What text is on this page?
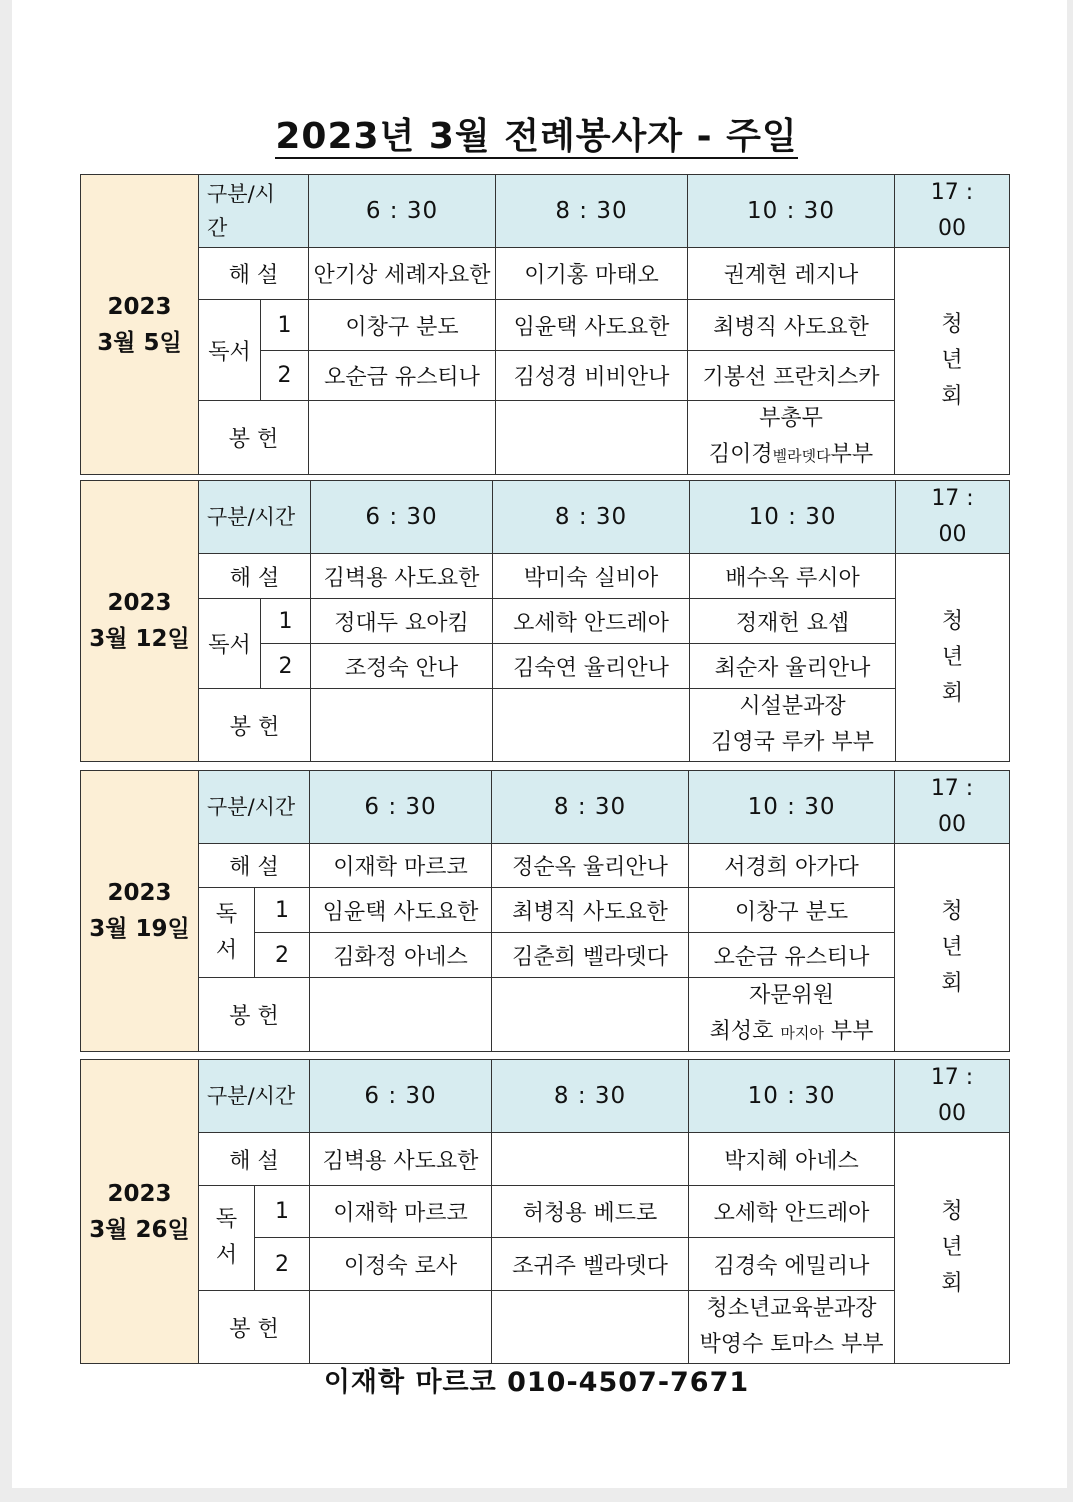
2023년 3월 전례봉사자 - 주일
2023
3월 5일	구분/시
간		6 : 30	8 : 30	10 : 30	17 :
00
	해 설		안기상 세례자요한	이기홍 마태오	권계현 레지나	청
년
회
	독서	1	이창구 분도	임윤택 사도요한	최병직 사도요한	
		2	오순금 유스티나	김성경 비비안나	기봉선 프란치스카	
	봉 헌				부총무
김이경벨라뎃다부부	
2023
3월 12일	구분/시간		6 : 30	8 : 30	10 : 30	17 :
00
	해 설		김벽용 사도요한	박미숙 실비아	배수옥 루시아	청
년
회
	독서	1	정대두 요아킴	오세학 안드레아	정재헌 요셉	
		2	조정숙 안나	김숙연 율리안나	최순자 율리안나	
	봉 헌				시설분과장
김영국 루카 부부	
2023
3월 19일	구분/시간		6 : 30	8 : 30	10 : 30	17 :
00
	해 설		이재학 마르코	정순옥 율리안나	서경희 아가다	청
년
회
	독
서	1	임윤택 사도요한	최병직 사도요한	이창구 분도	
		2	김화정 아네스	김춘희 벨라뎃다	오순금 유스티나	
	봉 헌				자문위원
최성호 마지아 부부	
2023
3월 26일	구분/시간		6 : 30	8 : 30	10 : 30	17 :
00
	해 설		김벽용 사도요한		박지혜 아네스	청
년
회
	독
서	1	이재학 마르코	허청용 베드로	오세학 안드레아	
		2	이정숙 로사	조귀주 벨라뎃다	김경숙 에밀리나	
	봉 헌				청소년교육분과장
박영수 토마스 부부	
이재학 마르코 010-4507-7671
